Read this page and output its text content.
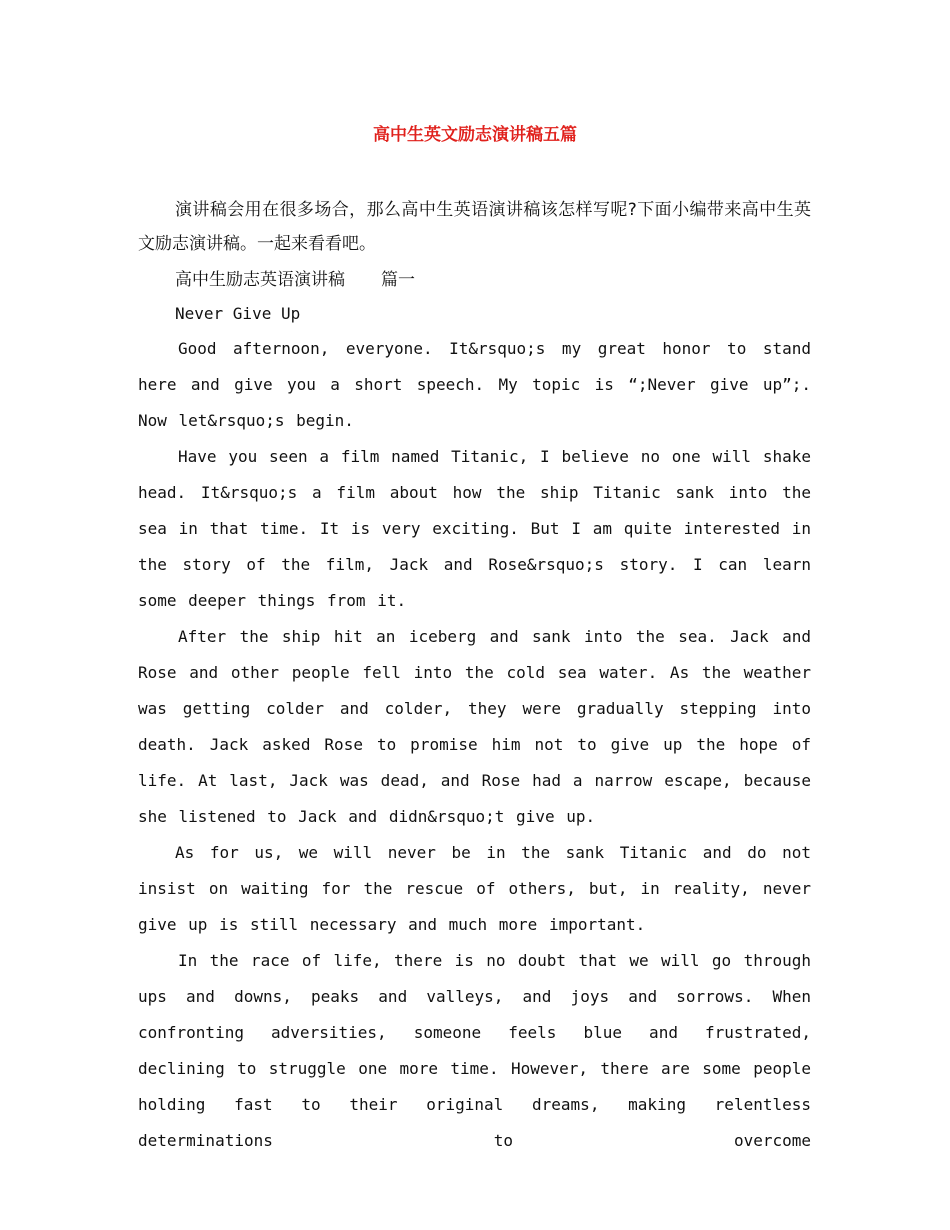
高中生英文励志演讲稿五篇

演讲稿会用在很多场合，那么高中生英语演讲稿该怎样写呢?下面小编带来高中生英文励志演讲稿。一起来看看吧。

高中生励志英语演讲稿 篇一

Never Give Up

Good afternoon, everyone. It&rsquo;s my great honor to stand here and give you a short speech. My topic is “;Never give up”;. Now let&rsquo;s begin.

Have you seen a film named Titanic, I believe no one will shake head. It&rsquo;s a film about how the ship Titanic sank into the sea in that time. It is very exciting. But I am quite interested in the story of the film, Jack and Rose&rsquo;s story. I can learn some deeper things from it.

After the ship hit an iceberg and sank into the sea. Jack and Rose and other people fell into the cold sea water. As the weather was getting colder and colder, they were gradually stepping into death. Jack asked Rose to promise him not to give up the hope of life. At last, Jack was dead, and Rose had a narrow escape, because she listened to Jack and didn&rsquo;t give up.

As for us, we will never be in the sank Titanic and do not insist on waiting for the rescue of others, but, in reality, never give up is still necessary and much more important.

In the race of life, there is no doubt that we will go through ups and downs, peaks and valleys, and joys and sorrows. When confronting adversities, someone feels blue and frustrated, declining to struggle one more time. However, there are some people holding fast to their original dreams, making relentless determinations to overcome
